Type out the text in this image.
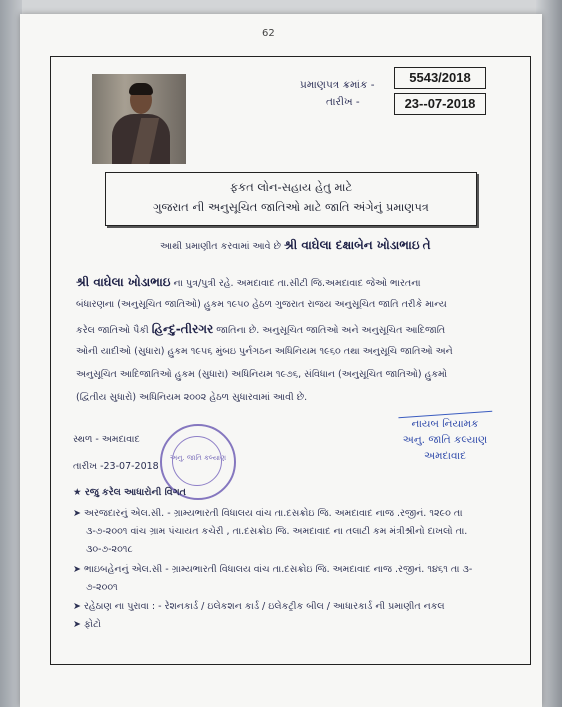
62
પ્રમાણપત્ર ક્રમાંક -	5543/2018
તારીખ -	23--07-2018
ફકત લોન-સહાય હેતુ માટે
ગુજરાત ની અનુસૂચિત જાતિઓ માટે જાતિ અંગેનું પ્રમાણપત્ર
આથી પ્રમાણીત કરવામાં આવે છે શ્રી વાઘેલા દક્ષાબેન ખોડાભાઇ તે
શ્રી વાઘેલા ખોડાભાઇ ના પુત્ર/પુત્રી રહે. અમદાવાદ તા.સીટી જિ.અમદાવાદ જેઓ ભારતના
બંધારણના (અનુસૂચિત જાતિઓ) હુકમ ૧૯૫૦ હેઠળ ગુજરાત રાજય અનુસૂચિત જાતિ તરીકે માન્ય
કરેલ જાતિઓ પૈકી હિન્દુ-તીરગર જાતિના છે. અનુસૂચિત જાતિઓ અને અનુસૂચિત આદિજાતિ
ઓની યાદીઓ (સુધારા) હુકમ ૧૯૫૬ મુંબઇ પુર્નગઠન અધિનિયમ ૧૯૬૦ તથા અનુસૂચિ જાતિઓ અને
અનુસૂચિત આદિજાતિઓ હુકમ (સુધારા) અધિનિયમ ૧૯૭૬, સંવિધાન (અનુસૂચિત જાતિઓ) હુકમો
(દ્વિતીય સુધારો) અધિનિયમ ૨૦૦૨ હેઠળ સુધારવામાં આવી છે.
નાયબ નિયામક
અનુ. જાતિ કલ્યાણ
અમદાવાદ
સ્થળ - અમદાવાદ
તારીખ -23-07-2018
અનુ. જાતિ કલ્યાણ
★ રજુ કરેલ આધારોની વિગત
➤ અરજદારનું એલ.સી. - ગ્રામ્યભારતી વિધાલય વાંચ તા.દસક્રોઇ જિ. અમદાવાદ નાજ .રજીનં. ૧૨૯૦ તા
૩-૭-૨૦૦૧ વાંચ ગ્રામ પંચાયત કચેરી , તા.દસક્રોઇ જિ. અમદાવાદ ના તલાટી કમ મંત્રીશ્રીનો દાખલો તા.
૩૦-૭-૨૦૧૮
➤ ભાઇબહેનનું એલ.સી - ગ્રામ્યભારતી વિધાલય વાંચ તા.દસક્રોઇ જિ. અમદાવાદ નાજ .રજીનં. ૧૪૬૧ તા ૩-
૭-૨૦૦૧
➤ રહેઠાણ ના પુરાવા : - રેશનકાર્ડ / ઇલેકશન કાર્ડ / ઇલેકટ્રીક બીલ / આધારકાર્ડ ની પ્રમાણીત નકલ
➤ ફોટો
